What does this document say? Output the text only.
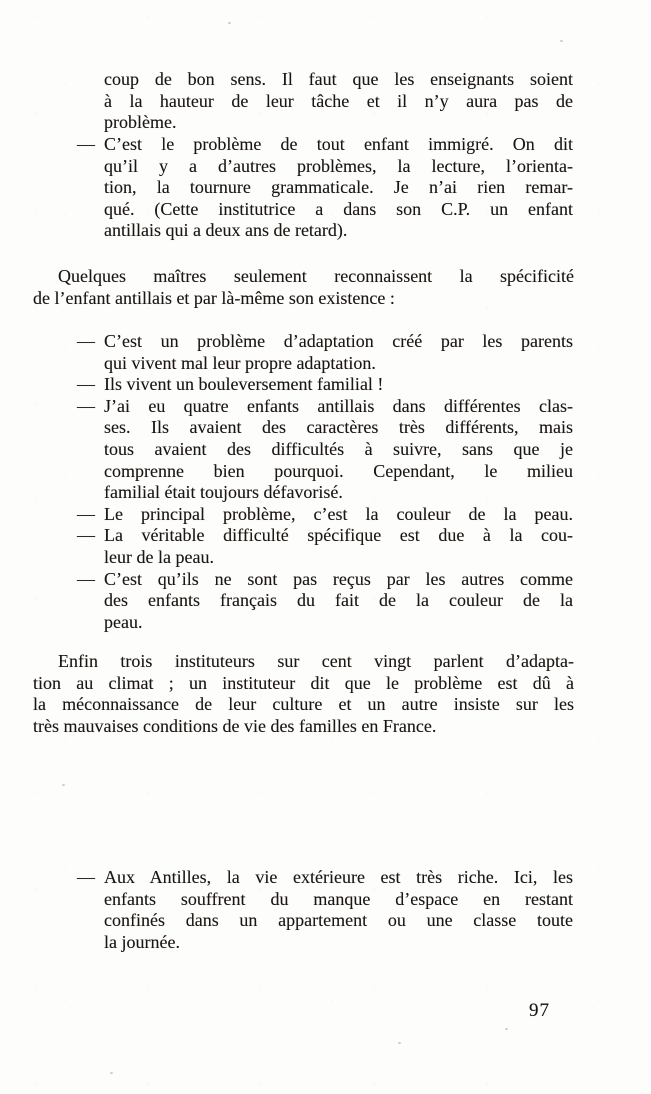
coup de bon sens. Il faut que les enseignants soient
à la hauteur de leur tâche et il n’y aura pas de
problème.
— C’est le problème de tout enfant immigré. On dit
qu’il y a d’autres problèmes, la lecture, l’orienta-
tion, la tournure grammaticale. Je n’ai rien remar-
qué. (Cette institutrice a dans son C.P. un enfant
antillais qui a deux ans de retard).
Quelques maîtres seulement reconnaissent la spécificité
de l’enfant antillais et par là-même son existence :
— C’est un problème d’adaptation créé par les parents
qui vivent mal leur propre adaptation.
— Ils vivent un bouleversement familial !
— J’ai eu quatre enfants antillais dans différentes clas-
ses. Ils avaient des caractères très différents, mais
tous avaient des difficultés à suivre, sans que je
comprenne bien pourquoi. Cependant, le milieu
familial était toujours défavorisé.
— Le principal problème, c’est la couleur de la peau.
— La véritable difficulté spécifique est due à la cou-
leur de la peau.
— C’est qu’ils ne sont pas reçus par les autres comme
des enfants français du fait de la couleur de la
peau.
Enfin trois instituteurs sur cent vingt parlent d’adapta-
tion au climat ; un instituteur dit que le problème est dû à
la méconnaissance de leur culture et un autre insiste sur les
très mauvaises conditions de vie des familles en France.
— Aux Antilles, la vie extérieure est très riche. Ici, les
enfants souffrent du manque d’espace en restant
confinés dans un appartement ou une classe toute
la journée.
97
